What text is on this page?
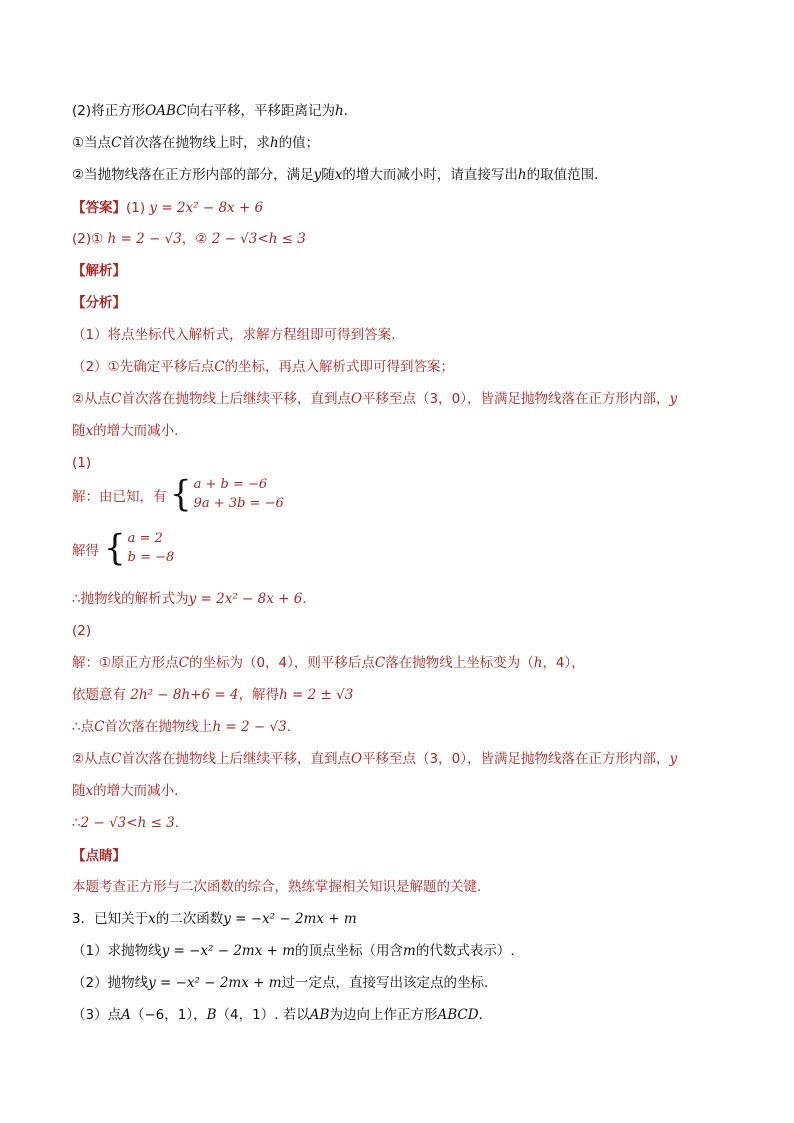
(2)将正方形OABC向右平移，平移距离记为h.
①当点C首次落在抛物线上时，求h的值；
②当抛物线落在正方形内部的部分，满足y随x的增大而减小时，请直接写出h的取值范围.
【答案】(1) y = 2x² − 8x + 6
(2)① h = 2 − √3，② 2 − √3<h ≤ 3
【解析】
【分析】
（1）将点坐标代入解析式，求解方程组即可得到答案.
（2）①先确定平移后点C的坐标，再点入解析式即可得到答案；
②从点C首次落在抛物线上后继续平移，直到点O平移至点（3，0），皆满足抛物线落在正方形内部，y
随x的增大而减小.
(1)
解：由已知，有 { a + b = −6
9a + 3b = −6
解得 { a = 2
b = −8
∴抛物线的解析式为y = 2x² − 8x + 6.
(2)
解：①原正方形点C的坐标为（0，4），则平移后点C落在抛物线上坐标变为（h，4），
依题意有 2h² − 8h+6 = 4，解得h = 2 ± √3
∴点C首次落在抛物线上h = 2 − √3.
②从点C首次落在抛物线上后继续平移，直到点O平移至点（3，0），皆满足抛物线落在正方形内部，y
随x的增大而减小.
∴2 − √3<h ≤ 3.
【点睛】
本题考查正方形与二次函数的综合，熟练掌握相关知识是解题的关键.
3．已知关于x的二次函数y = −x² − 2mx + m
（1）求抛物线y = −x² − 2mx + m的顶点坐标（用含m的代数式表示）.
（2）抛物线y = −x² − 2mx + m过一定点，直接写出该定点的坐标.
（3）点A（−6，1），B（4，1）. 若以AB为边向上作正方形ABCD.
